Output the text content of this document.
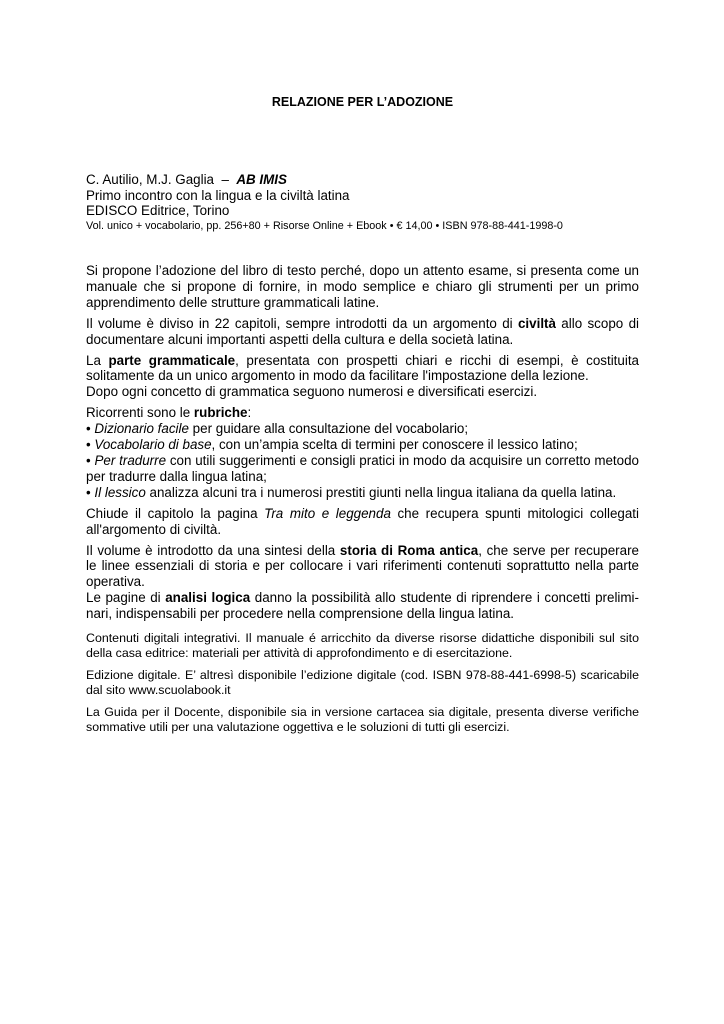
RELAZIONE PER L’ADOZIONE
C. Autilio, M.J. Gaglia  –  AB IMIS
Primo incontro con la lingua e la civiltà latina
EDISCO Editrice, Torino
Vol. unico + vocabolario, pp. 256+80 + Risorse Online + Ebook • € 14,00 • ISBN 978-88-441-1998-0

Si propone l’adozione del libro di testo perché, dopo un attento esame, si presenta come un manuale che si propone di fornire, in modo semplice e chiaro gli strumenti per un primo apprendimento delle strutture grammaticali latine.

Il volume è diviso in 22 capitoli, sempre introdotti da un argomento di civiltà allo scopo di documentare alcuni importanti aspetti della cultura e della società latina.

La parte grammaticale, presentata con prospetti chiari e ricchi di esempi, è costituita solitamente da un unico argomento in modo da facilitare l'impostazione della lezione.

Dopo ogni concetto di grammatica seguono numerosi e diversificati esercizi.

Ricorrenti sono le rubriche:

• Dizionario facile per guidare alla consultazione del vocabolario;

• Vocabolario di base, con un’ampia scelta di termini per conoscere il lessico latino;

• Per tradurre con utili suggerimenti e consigli pratici in modo da acquisire un corretto metodo per tradurre dalla lingua latina;

• Il lessico analizza alcuni tra i numerosi prestiti giunti nella lingua italiana da quella latina.

Chiude il capitolo la pagina Tra mito e leggenda che recupera spunti mitologici collegati all'argomento di civiltà.

Il volume è introdotto da una sintesi della storia di Roma antica, che serve per recuperare le linee essenziali di storia e per collocare i vari riferimenti contenuti soprattutto nella parte operativa.

Le pagine di analisi logica danno la possibilità allo studente di riprendere i concetti prelimi-nari, indispensabili per procedere nella comprensione della lingua latina.

Contenuti digitali integrativi. Il manuale é arricchito da diverse risorse didattiche disponibili sul sito della casa editrice: materiali per attività di approfondimento e di esercitazione.

Edizione digitale. E’ altresì disponibile l’edizione digitale (cod. ISBN 978-88-441-6998-5) scaricabile dal sito www.scuolabook.it

La Guida per il Docente, disponibile sia in versione cartacea sia digitale, presenta diverse verifiche sommative utili per una valutazione oggettiva e le soluzioni di tutti gli esercizi.
